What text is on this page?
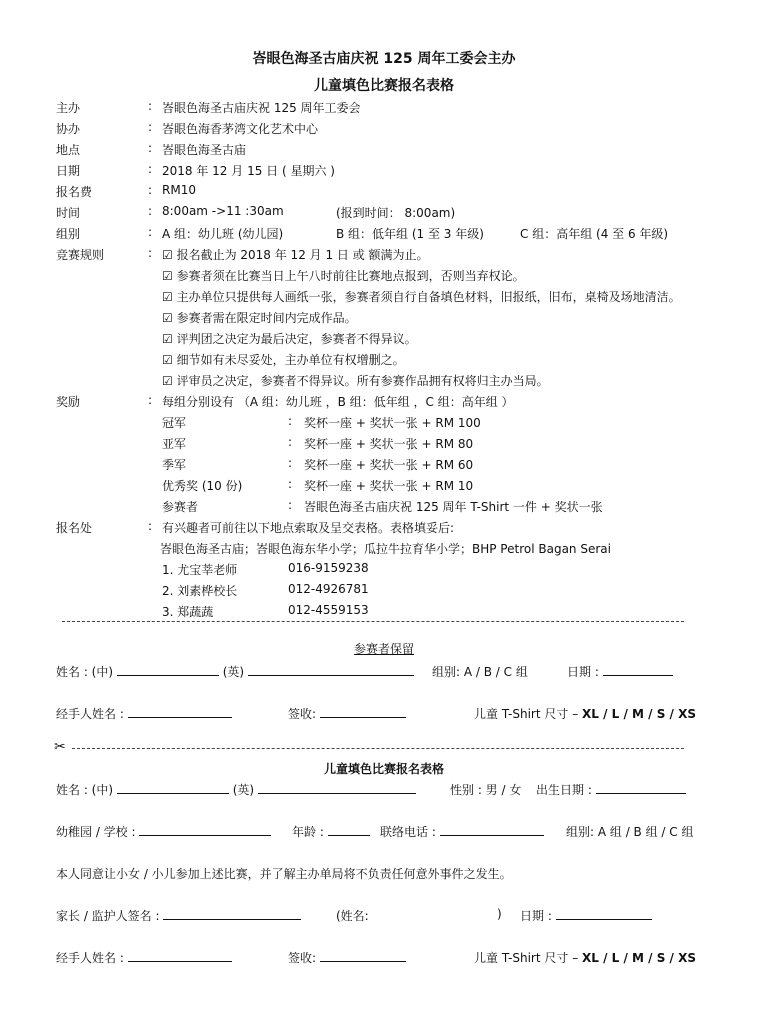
峇眼色海圣古庙庆祝 125 周年工委会主办
儿童填色比赛报名表格
主办	: 峇眼色海圣古庙庆祝 125 周年工委会
协办	: 峇眼色海香茅湾文化艺术中心
地点	: 峇眼色海圣古庙
日期	: 2018 年 12 月 15 日 ( 星期六 )
报名费	: RM10
时间	: 8:00am ->11 :30am	(报到时间： 8:00am)
组别	: A 组：幼儿班 (幼儿园)	B 组：低年组 (1 至 3 年级)	C 组：高年组 (4 至 6 年级)
竞赛规则	: ☑ 报名截止为 2018 年 12 月 1 日 或 额满为止。
☑ 参赛者须在比赛当日上午八时前往比赛地点报到，否则当弃权论。
☑ 主办单位只提供每人画纸一张，参赛者须自行自备填色材料，旧报纸，旧布，桌椅及场地清洁。
☑ 参赛者需在限定时间内完成作品。
☑ 评判团之决定为最后决定，参赛者不得异议。
☑ 细节如有未尽妥处，主办单位有权增删之。
☑ 评审员之决定，参赛者不得异议。所有参赛作品拥有权将归主办当局。
奖励	: 每组分别设有 （A 组：幼儿班 ，B 组：低年组 ，C 组：高年组 ）
冠军	: 奖杯一座 + 奖状一张 + RM 100
亚军	: 奖杯一座 + 奖状一张 + RM 80
季军	: 奖杯一座 + 奖状一张 + RM 60
优秀奖 (10 份)	: 奖杯一座 + 奖状一张 + RM 10
参赛者	: 峇眼色海圣古庙庆祝 125 周年 T-Shirt 一件 + 奖状一张
报名处	: 有兴趣者可前往以下地点索取及呈交表格。表格填妥后:
峇眼色海圣古庙；峇眼色海东华小学；瓜拉牛拉育华小学；BHP Petrol Bagan Serai
1. 尤宝莘老师	016-9159238
2. 刘素桦校长	012-4926781
3. 郑蔬蔬	012-4559153
参赛者保留
姓名 : (中)	(英)	组别: A / B / C 组	日期 :
经手人姓名 :	签收:	儿童 T-Shirt 尺寸 – XL / L / M / S / XS
✂
儿童填色比赛报名表格
姓名 : (中)	(英)	性别 : 男 / 女 出生日期 :
幼稚园 / 学校 :	年龄 :	联络电话 :	组别: A 组 / B 组 / C 组
本人同意让小女 / 小儿参加上述比赛，并了解主办单局将不负责任何意外事件之发生。
家长 / 监护人签名 :	(姓名:	) 日期 :
经手人姓名 :	签收:	儿童 T-Shirt 尺寸 – XL / L / M / S / XS
